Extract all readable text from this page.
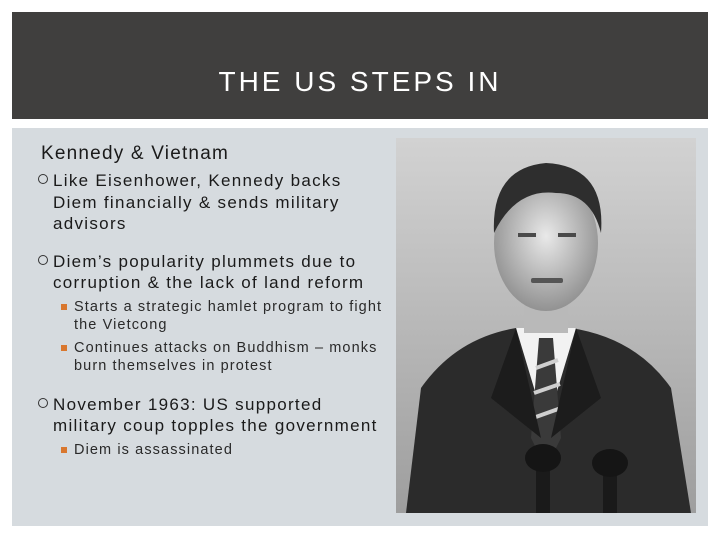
THE US STEPS IN
Kennedy & Vietnam
Like Eisenhower, Kennedy backs Diem financially & sends military advisors
Diem’s popularity plummets due to corruption & the lack of land reform
Starts a strategic hamlet program to fight the Vietcong
Continues attacks on Buddhism – monks burn themselves in protest
November 1963: US supported military coup topples the government
Diem is assassinated
